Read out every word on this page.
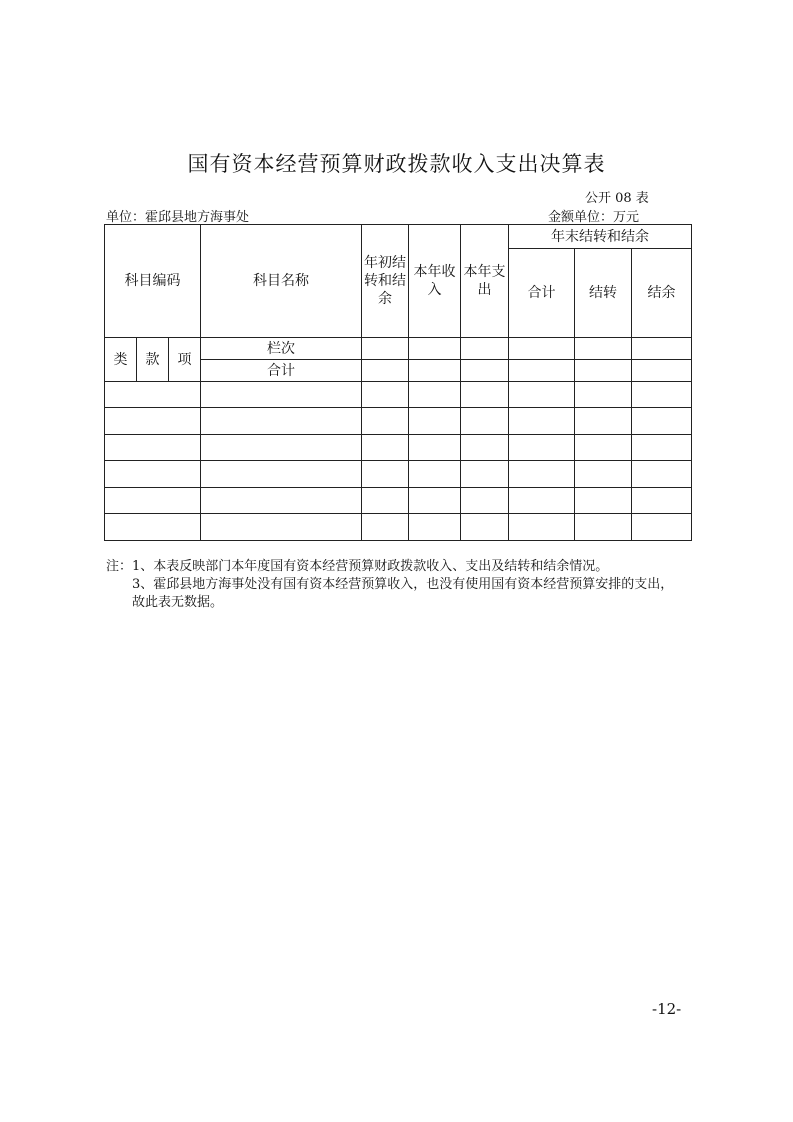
国有资本经营预算财政拨款收入支出决算表
公开 08 表
单位：霍邱县地方海事处	金额单位：万元
科目编码			科目名称	年初结转和结余	本年收入	本年支出	年末结转和结余		
							合计	结转	结余
类	款	项	栏次						
			合计						

注：1、本表反映部门本年度国有资本经营预算财政拨款收入、支出及结转和结余情况。
3、霍邱县地方海事处没有国有资本经营预算收入，也没有使用国有资本经营预算安排的支出，
故此表无数据。
-12-
